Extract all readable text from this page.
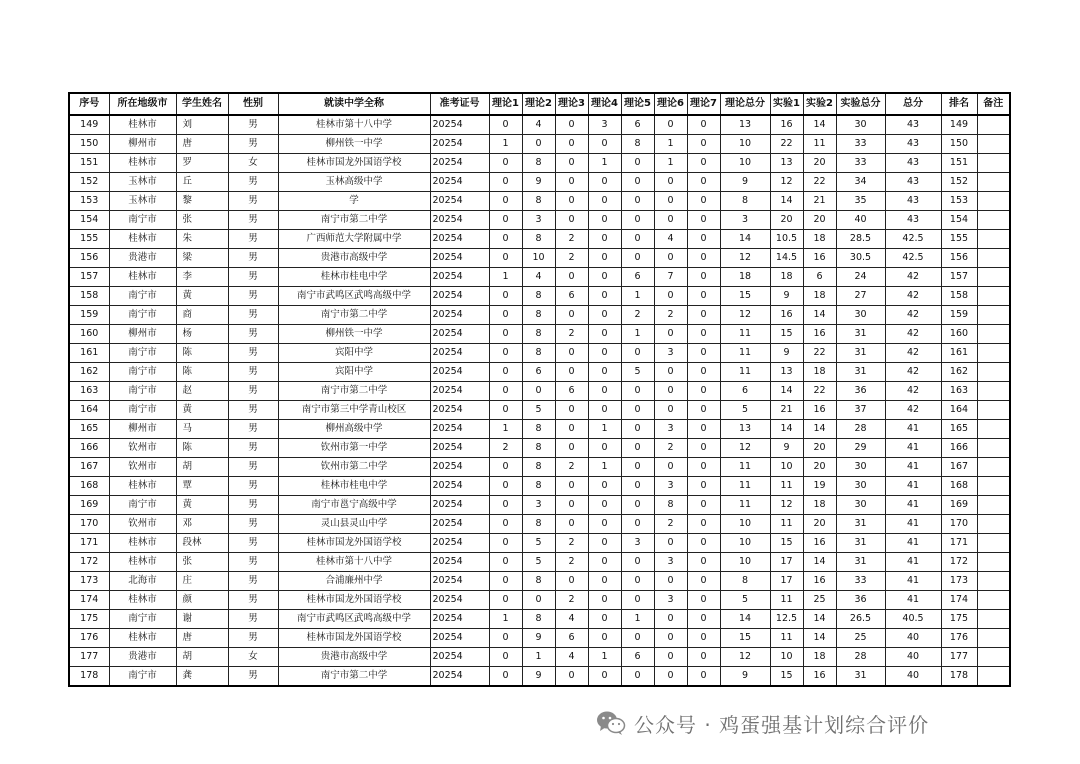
序号	所在地级市	学生姓名	性别	就读中学全称	准考证号	理论1	理论2	理论3	理论4	理论5	理论6	理论7	理论总分	实验1	实验2	实验总分	总分	排名	备注
149	桂林市	刘	男	桂林市第十八中学	20254	0	4	0	3	6	0	0	13	16	14	30	43	149	
150	柳州市	唐	男	柳州铁一中学	20254	1	0	0	0	8	1	0	10	22	11	33	43	150	
151	桂林市	罗	女	桂林市国龙外国语学校	20254	0	8	0	1	0	1	0	10	13	20	33	43	151	
152	玉林市	丘	男	玉林高级中学	20254	0	9	0	0	0	0	0	9	12	22	34	43	152	
153	玉林市	黎	男	学	20254	0	8	0	0	0	0	0	8	14	21	35	43	153	
154	南宁市	张	男	南宁市第二中学	20254	0	3	0	0	0	0	0	3	20	20	40	43	154	
155	桂林市	朱	男	广西师范大学附属中学	20254	0	8	2	0	0	4	0	14	10.5	18	28.5	42.5	155	
156	贵港市	梁	男	贵港市高级中学	20254	0	10	2	0	0	0	0	12	14.5	16	30.5	42.5	156	
157	桂林市	李	男	桂林市桂电中学	20254	1	4	0	0	6	7	0	18	18	6	24	42	157	
158	南宁市	黄	男	南宁市武鸣区武鸣高级中学	20254	0	8	6	0	1	0	0	15	9	18	27	42	158	
159	南宁市	商	男	南宁市第二中学	20254	0	8	0	0	2	2	0	12	16	14	30	42	159	
160	柳州市	杨	男	柳州铁一中学	20254	0	8	2	0	1	0	0	11	15	16	31	42	160	
161	南宁市	陈	男	宾阳中学	20254	0	8	0	0	0	3	0	11	9	22	31	42	161	
162	南宁市	陈	男	宾阳中学	20254	0	6	0	0	5	0	0	11	13	18	31	42	162	
163	南宁市	赵	男	南宁市第二中学	20254	0	0	6	0	0	0	0	6	14	22	36	42	163	
164	南宁市	黄	男	南宁市第三中学青山校区	20254	0	5	0	0	0	0	0	5	21	16	37	42	164	
165	柳州市	马	男	柳州高级中学	20254	1	8	0	1	0	3	0	13	14	14	28	41	165	
166	钦州市	陈	男	钦州市第一中学	20254	2	8	0	0	0	2	0	12	9	20	29	41	166	
167	钦州市	胡	男	钦州市第二中学	20254	0	8	2	1	0	0	0	11	10	20	30	41	167	
168	桂林市	覃	男	桂林市桂电中学	20254	0	8	0	0	0	3	0	11	11	19	30	41	168	
169	南宁市	黄	男	南宁市邕宁高级中学	20254	0	3	0	0	0	8	0	11	12	18	30	41	169	
170	钦州市	邓	男	灵山县灵山中学	20254	0	8	0	0	0	2	0	10	11	20	31	41	170	
171	桂林市	段林	男	桂林市国龙外国语学校	20254	0	5	2	0	3	0	0	10	15	16	31	41	171	
172	桂林市	张	男	桂林市第十八中学	20254	0	5	2	0	0	3	0	10	17	14	31	41	172	
173	北海市	庄	男	合浦廉州中学	20254	0	8	0	0	0	0	0	8	17	16	33	41	173	
174	桂林市	颜	男	桂林市国龙外国语学校	20254	0	0	2	0	0	3	0	5	11	25	36	41	174	
175	南宁市	谢	男	南宁市武鸣区武鸣高级中学	20254	1	8	4	0	1	0	0	14	12.5	14	26.5	40.5	175	
176	桂林市	唐	男	桂林市国龙外国语学校	20254	0	9	6	0	0	0	0	15	11	14	25	40	176	
177	贵港市	胡	女	贵港市高级中学	20254	0	1	4	1	6	0	0	12	10	18	28	40	177	
178	南宁市	龚	男	南宁市第二中学	20254	0	9	0	0	0	0	0	9	15	16	31	40	178	
公众号 · 鸡蛋强基计划综合评价
